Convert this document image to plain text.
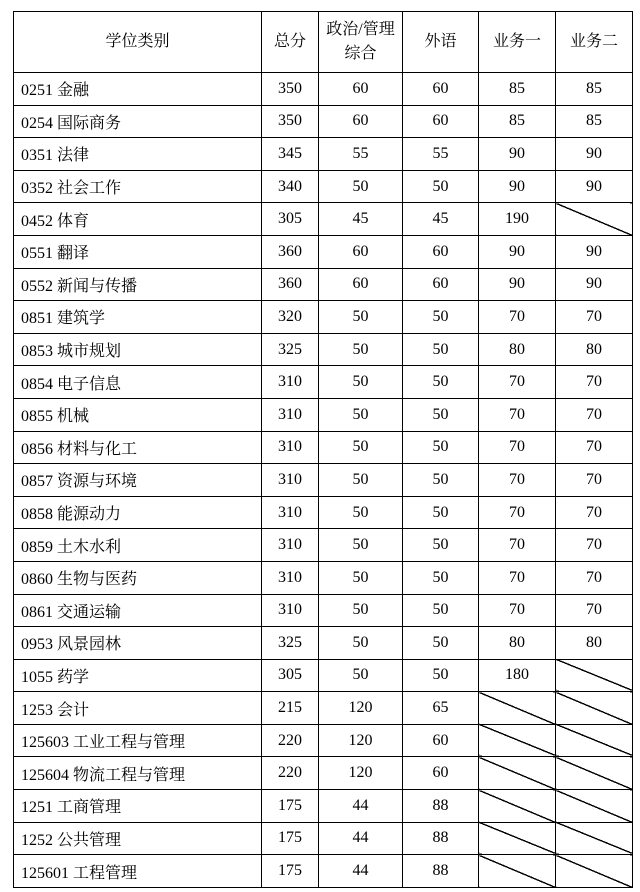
学位类别	总分	政治/管理综合	外语	业务一	业务二
0251 金融	350	60	60	85	85
0254 国际商务	350	60	60	85	85
0351 法律	345	55	55	90	90
0352 社会工作	340	50	50	90	90
0452 体育	305	45	45	190	
0551 翻译	360	60	60	90	90
0552 新闻与传播	360	60	60	90	90
0851 建筑学	320	50	50	70	70
0853 城市规划	325	50	50	80	80
0854 电子信息	310	50	50	70	70
0855 机械	310	50	50	70	70
0856 材料与化工	310	50	50	70	70
0857 资源与环境	310	50	50	70	70
0858 能源动力	310	50	50	70	70
0859 土木水利	310	50	50	70	70
0860 生物与医药	310	50	50	70	70
0861 交通运输	310	50	50	70	70
0953 风景园林	325	50	50	80	80
1055 药学	305	50	50	180	
1253 会计	215	120	65		
125603 工业工程与管理	220	120	60		
125604 物流工程与管理	220	120	60		
1251 工商管理	175	44	88		
1252 公共管理	175	44	88		
125601 工程管理	175	44	88		
